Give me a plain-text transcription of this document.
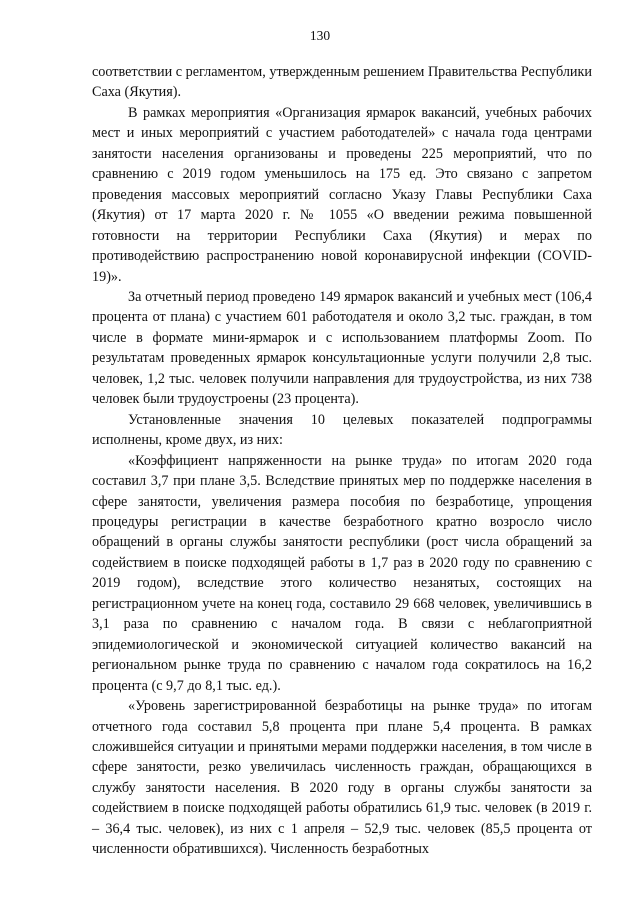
130

соответствии с регламентом, утвержденным решением Правительства Республики Саха (Якутия).

В рамках мероприятия «Организация ярмарок вакансий, учебных рабочих мест и иных мероприятий с участием работодателей» с начала года центрами занятости населения организованы и проведены 225 мероприятий, что по сравнению с 2019 годом уменьшилось на 175 ед. Это связано с запретом проведения массовых мероприятий согласно Указу Главы Республики Саха (Якутия) от 17 марта 2020 г. № 1055 «О введении режима повышенной готовности на территории Республики Саха (Якутия) и мерах по противодействию распространению новой коронавирусной инфекции (COVID-19)».

За отчетный период проведено 149 ярмарок вакансий и учебных мест (106,4 процента от плана) с участием 601 работодателя и около 3,2 тыс. граждан, в том числе в формате мини-ярмарок и с использованием платформы Zoom. По результатам проведенных ярмарок консультационные услуги получили 2,8 тыс. человек, 1,2 тыс. человек получили направления для трудоустройства, из них 738 человек были трудоустроены (23 процента).

Установленные значения 10 целевых показателей подпрограммы исполнены, кроме двух, из них:

«Коэффициент напряженности на рынке труда» по итогам 2020 года составил 3,7 при плане 3,5. Вследствие принятых мер по поддержке населения в сфере занятости, увеличения размера пособия по безработице, упрощения процедуры регистрации в качестве безработного кратно возросло число обращений в органы службы занятости республики (рост числа обращений за содействием в поиске подходящей работы в 1,7 раз в 2020 году по сравнению с 2019 годом), вследствие этого количество незанятых, состоящих на регистрационном учете на конец года, составило 29 668 человек, увеличившись в 3,1 раза по сравнению с началом года. В связи с неблагоприятной эпидемиологической и экономической ситуацией количество вакансий на региональном рынке труда по сравнению с началом года сократилось на 16,2 процента (с 9,7 до 8,1 тыс. ед.).

«Уровень зарегистрированной безработицы на рынке труда» по итогам отчетного года составил 5,8 процента при плане 5,4 процента. В рамках сложившейся ситуации и принятыми мерами поддержки населения, в том числе в сфере занятости, резко увеличилась численность граждан, обращающихся в службу занятости населения. В 2020 году в органы службы занятости за содействием в поиске подходящей работы обратились 61,9 тыс. человек (в 2019 г. – 36,4 тыс. человек), из них с 1 апреля – 52,9 тыс. человек (85,5 процента от численности обратившихся). Численность безработных
